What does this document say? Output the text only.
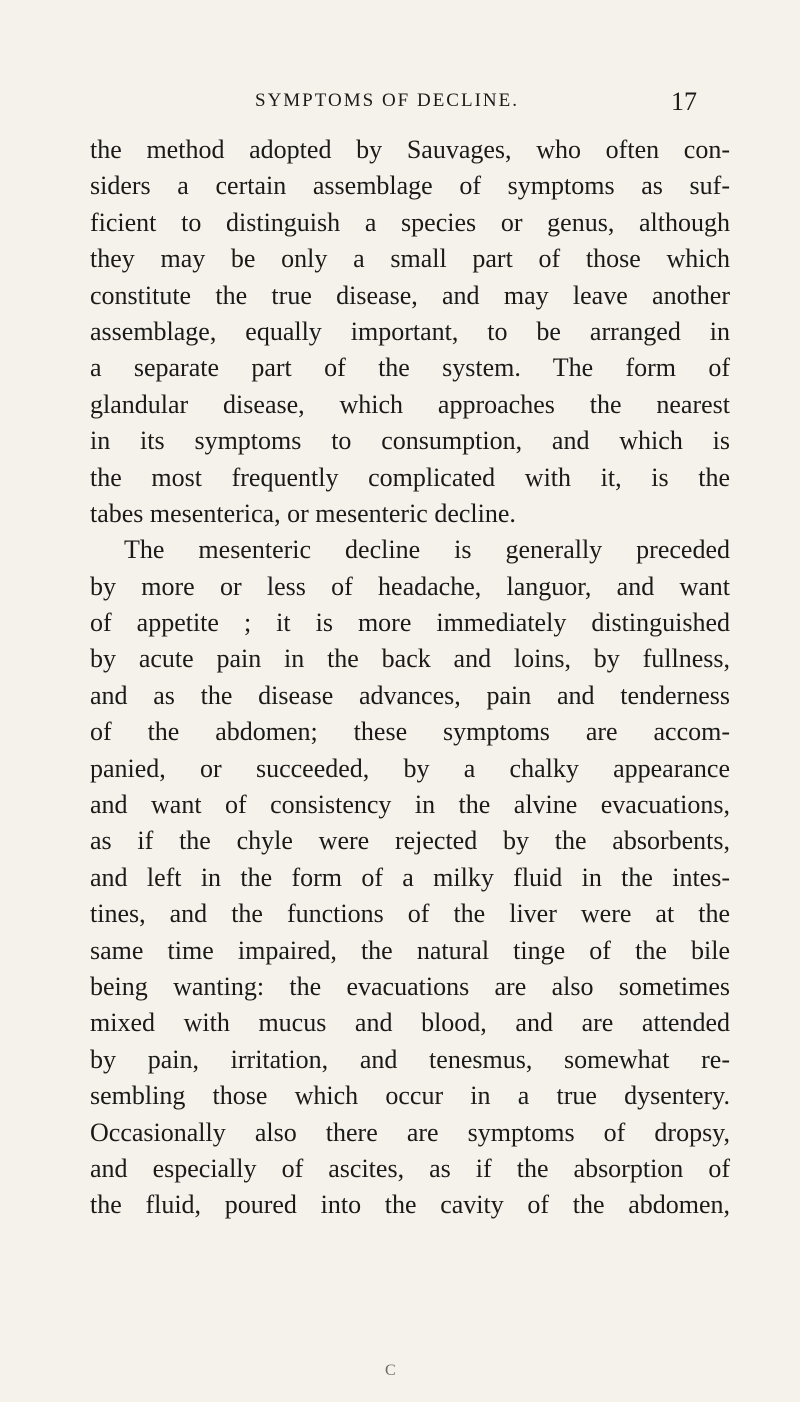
SYMPTOMS OF DECLINE.	17
the method adopted by Sauvages, who often con-
siders a certain assemblage of symptoms as suf-
ficient to distinguish a species or genus, although
they may be only a small part of those which
constitute the true disease, and may leave another
assemblage, equally important, to be arranged in
a separate part of the system. The form of
glandular disease, which approaches the nearest
in its symptoms to consumption, and which is
the most frequently complicated with it, is the
tabes mesenterica, or mesenteric decline.
The mesenteric decline is generally preceded
by more or less of headache, languor, and want
of appetite ; it is more immediately distinguished
by acute pain in the back and loins, by fullness,
and as the disease advances, pain and tenderness
of the abdomen; these symptoms are accom-
panied, or succeeded, by a chalky appearance
and want of consistency in the alvine evacuations,
as if the chyle were rejected by the absorbents,
and left in the form of a milky fluid in the intes-
tines, and the functions of the liver were at the
same time impaired, the natural tinge of the bile
being wanting: the evacuations are also sometimes
mixed with mucus and blood, and are attended
by pain, irritation, and tenesmus, somewhat re-
sembling those which occur in a true dysentery.
Occasionally also there are symptoms of dropsy,
and especially of ascites, as if the absorption of
the fluid, poured into the cavity of the abdomen,
C
